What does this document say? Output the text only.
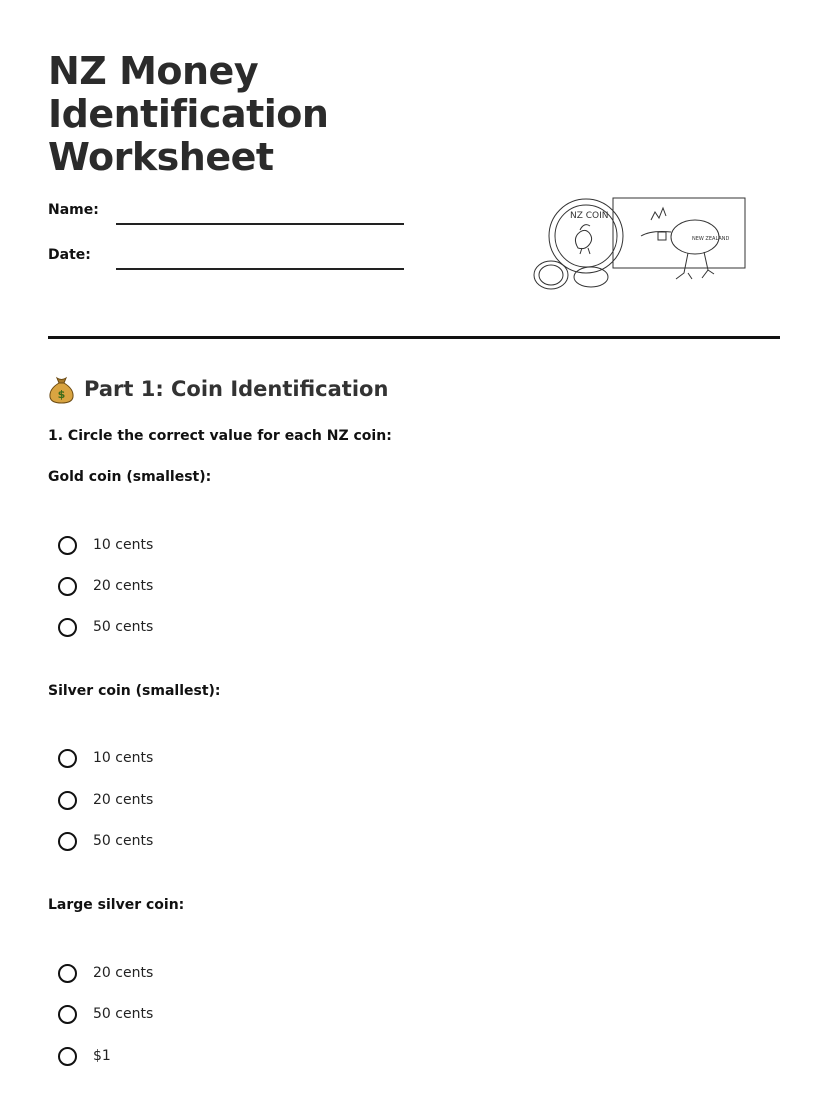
NZ Money
Identification
Worksheet
Name:
Date:
NZ COIN
NEW ZEALAND
$ Part 1: Coin Identification
1. Circle the correct value for each NZ coin:
Gold coin (smallest):
10 cents
20 cents
50 cents
Silver coin (smallest):
10 cents
20 cents
50 cents
Large silver coin:
20 cents
50 cents
$1
